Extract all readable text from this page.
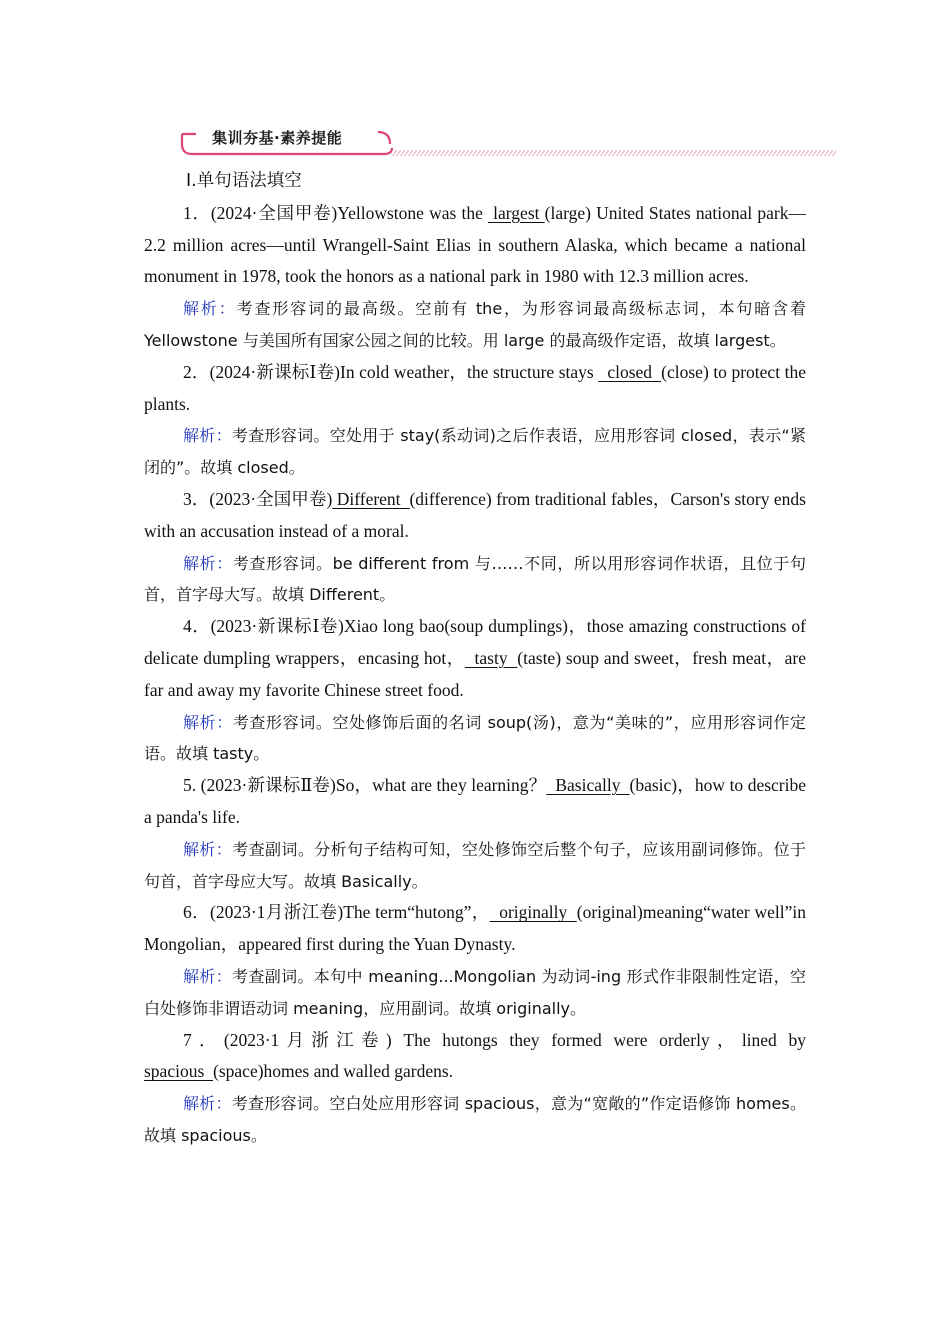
集训夯基·素养提能

Ⅰ.单句语法填空

1．(2024·全国甲卷)Yellowstone was the  largest (large) United States national park—2.2 million acres—until Wrangell-Saint Elias in southern Alaska, which became a national monument in 1978, took the honors as a national park in 1980 with 12.3 million acres.

解析：考查形容词的最高级。空前有 the，为形容词最高级标志词，本句暗含着 Yellowstone 与美国所有国家公园之间的比较。用 large 的最高级作定语，故填 largest。

2．(2024·新课标Ⅰ卷)In cold weather，the structure stays   closed  (close) to protect the plants.

解析：考查形容词。空处用于 stay(系动词)之后作表语，应用形容词 closed，表示“紧闭的”。故填 closed。

3．(2023·全国甲卷) Different  (difference) from traditional fables，Carson's story ends with an accusation instead of a moral.

解析：考查形容词。be different from 与……不同，所以用形容词作状语，且位于句首，首字母大写。故填 Different。

4．(2023·新课标Ⅰ卷)Xiao long bao(soup dumplings)，those amazing constructions of delicate dumpling wrappers，encasing hot，  tasty  (taste) soup and sweet，fresh meat，are far and away my favorite Chinese street food.

解析：考查形容词。空处修饰后面的名词 soup(汤)，意为“美味的”，应用形容词作定语。故填 tasty。

5. (2023·新课标Ⅱ卷)So，what are they learning？  Basically  (basic)，how to describe a panda's life.

解析：考查副词。分析句子结构可知，空处修饰空后整个句子，应该用副词修饰。位于句首，首字母应大写。故填 Basically。

6．(2023·1月浙江卷)The term“hutong”，  originally  (original)meaning“water well”in Mongolian，appeared first during the Yuan Dynasty.

解析：考查副词。本句中 meaning...Mongolian 为动词-ing 形式作非限制性定语，空白处修饰非谓语动词 meaning，应用副词。故填 originally。

7．(2023·1月浙江卷) The hutongs they formed were orderly，lined by spacious  (space)homes and walled gardens.

解析：考查形容词。空白处应用形容词 spacious，意为“宽敞的”作定语修饰 homes。故填 spacious。
